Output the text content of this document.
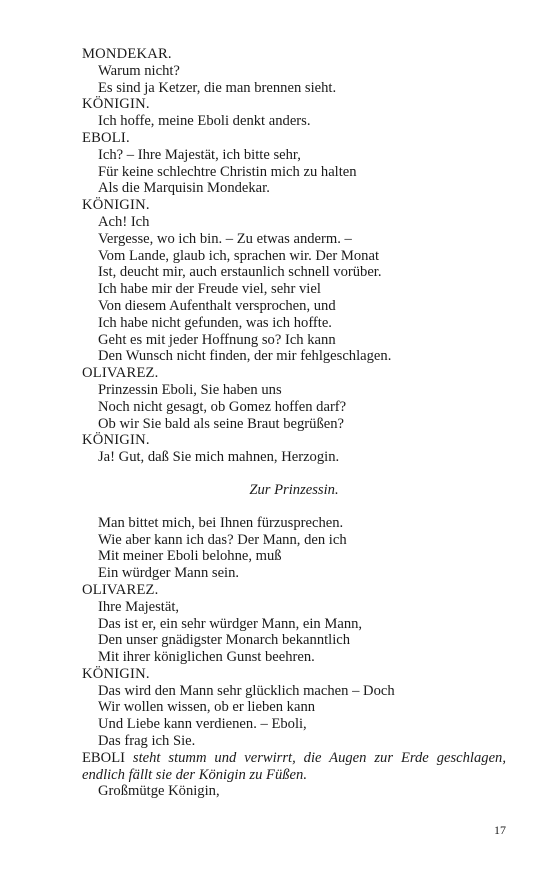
MONDEKAR.
Warum nicht?
Es sind ja Ketzer, die man brennen sieht.
KÖNIGIN.
Ich hoffe, meine Eboli denkt anders.
EBOLI.
Ich? – Ihre Majestät, ich bitte sehr,
Für keine schlechtre Christin mich zu halten
Als die Marquisin Mondekar.
KÖNIGIN.
Ach! Ich
Vergesse, wo ich bin. – Zu etwas anderm. –
Vom Lande, glaub ich, sprachen wir. Der Monat
Ist, deucht mir, auch erstaunlich schnell vorüber.
Ich habe mir der Freude viel, sehr viel
Von diesem Aufenthalt versprochen, und
Ich habe nicht gefunden, was ich hoffte.
Geht es mit jeder Hoffnung so? Ich kann
Den Wunsch nicht finden, der mir fehlgeschlagen.
OLIVAREZ.
Prinzessin Eboli, Sie haben uns
Noch nicht gesagt, ob Gomez hoffen darf?
Ob wir Sie bald als seine Braut begrüßen?
KÖNIGIN.
Ja! Gut, daß Sie mich mahnen, Herzogin.
Zur Prinzessin.
Man bittet mich, bei Ihnen fürzusprechen.
Wie aber kann ich das? Der Mann, den ich
Mit meiner Eboli belohne, muß
Ein würdger Mann sein.
OLIVAREZ.
Ihre Majestät,
Das ist er, ein sehr würdger Mann, ein Mann,
Den unser gnädigster Monarch bekanntlich
Mit ihrer königlichen Gunst beehren.
KÖNIGIN.
Das wird den Mann sehr glücklich machen – Doch
Wir wollen wissen, ob er lieben kann
Und Liebe kann verdienen. – Eboli,
Das frag ich Sie.
EBOLI steht stumm und verwirrt, die Augen zur Erde geschlagen, endlich fällt sie der Königin zu Füßen.
Großmütge Königin,
17
